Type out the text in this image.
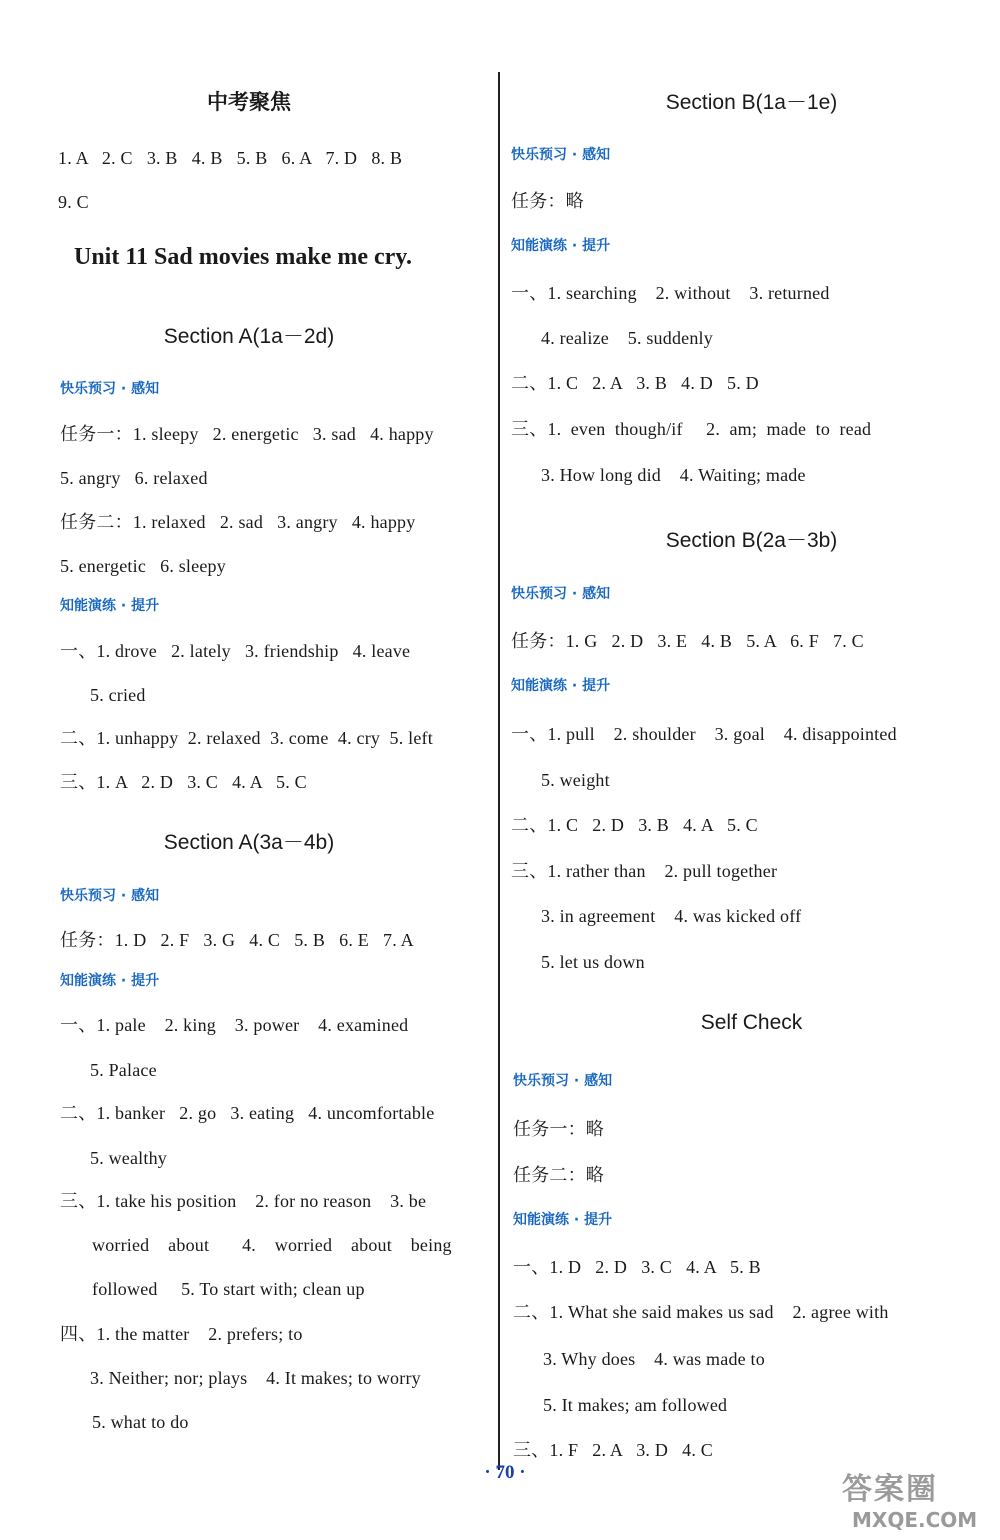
中考聚焦
1. A   2. C   3. B   4. B   5. B   6. A   7. D   8. B
9. C
Unit 11 Sad movies make me cry.
Section A(1a－2d)
快乐预习 · 感知
任务一：1. sleepy   2. energetic   3. sad   4. happy
5. angry   6. relaxed
任务二：1. relaxed   2. sad   3. angry   4. happy
5. energetic   6. sleepy
知能演练 · 提升
一、1. drove   2. lately   3. friendship   4. leave
5. cried
二、1. unhappy  2. relaxed  3. come  4. cry  5. left
三、1. A   2. D   3. C   4. A   5. C
Section A(3a－4b)
快乐预习 · 感知
任务：1. D   2. F   3. G   4. C   5. B   6. E   7. A
知能演练 · 提升
一、1. pale    2. king    3. power    4. examined
5. Palace
二、1. banker   2. go   3. eating   4. uncomfortable
5. wealthy
三、1. take his position    2. for no reason    3. be
worried    about       4.    worried    about    being
followed     5. To start with; clean up
四、1. the matter    2. prefers; to
3. Neither; nor; plays    4. It makes; to worry
5. what to do
Section B(1a－1e)
快乐预习 · 感知
任务：略
知能演练 · 提升
一、1. searching    2. without    3. returned
4. realize    5. suddenly
二、1. C   2. A   3. B   4. D   5. D
三、1.  even  though/if     2.  am;  made  to  read
3. How long did    4. Waiting; made
Section B(2a－3b)
快乐预习 · 感知
任务：1. G   2. D   3. E   4. B   5. A   6. F   7. C
知能演练 · 提升
一、1. pull    2. shoulder    3. goal    4. disappointed
5. weight
二、1. C   2. D   3. B   4. A   5. C
三、1. rather than    2. pull together
3. in agreement    4. was kicked off
5. let us down
Self Check
快乐预习 · 感知
任务一：略
任务二：略
知能演练 · 提升
一、1. D   2. D   3. C   4. A   5. B
二、1. What she said makes us sad    2. agree with
3. Why does    4. was made to
5. It makes; am followed
三、1. F   2. A   3. D   4. C
· 70 ·	答案圈
MXQE.COM
